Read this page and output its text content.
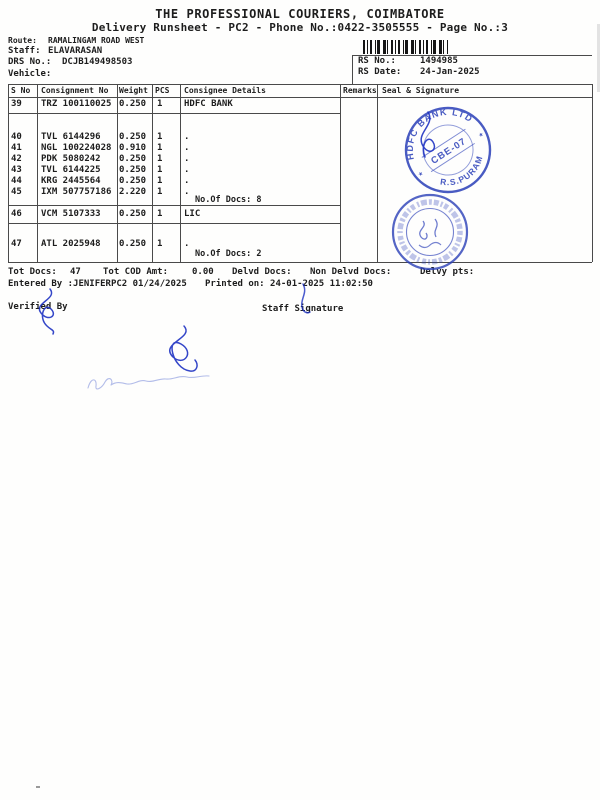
THE PROFESSIONAL COURIERS, COIMBATORE
Delivery Runsheet - PC2 - Phone No.:0422-3505555 - Page No.:3
Route: RAMALINGAM ROAD WEST
Staff: ELAVARASAN
DRS No.: DCJB149498503
Vehicle:
RS No.:	1494985
RS Date: 24-Jan-2025
S No Consignment No Weight PCS Consignee Details	Remarks Seal & Signature
39 TRZ 100110025 0.250 1 HDFC BANK
40 TVL 6144296 0.250 1 .
41 NGL 100224028 0.910 1 .
42 PDK 5080242 0.250 1 .
43 TVL 6144225 0.250 1 .
44 KRG 2445564 0.250 1 .
45 IXM 507757186 2.220 1 .
No.Of Docs: 8
46 VCM 5107333 0.250 1 LIC
47 ATL 2025948 0.250 1 .
No.Of Docs: 2
Tot Docs: 47 Tot COD Amt:	0.00 Delvd Docs: Non Delvd Docs:	Delvy pts:
Entered By :JENIFERPC2 01/24/2025 Printed on: 24-01-2025 11:02:50
Verified By	Staff Signature
HDFC BANK LTD
R.S.PURAM
CBE-07
★
★
